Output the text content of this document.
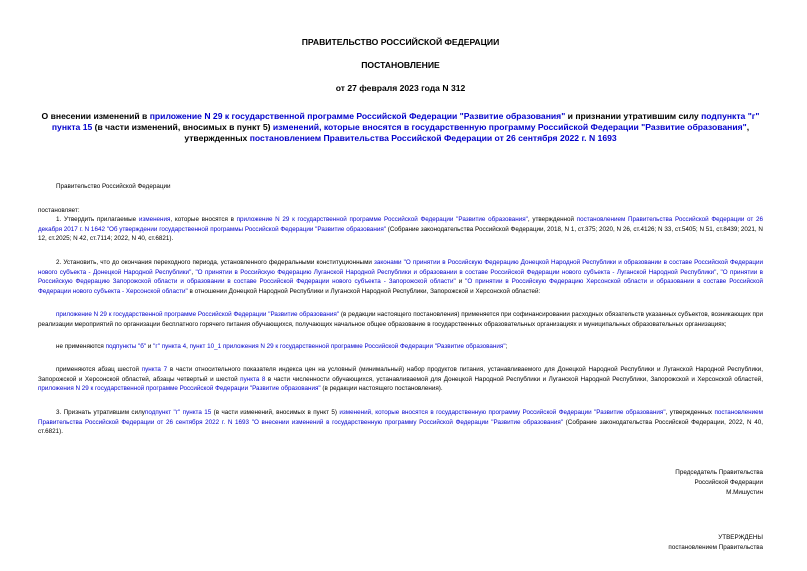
ПРАВИТЕЛЬСТВО РОССИЙСКОЙ ФЕДЕРАЦИИ
ПОСТАНОВЛЕНИЕ
от 27 февраля 2023 года N 312

О внесении изменений в приложение N 29 к государственной программе Российской Федерации "Развитие образования" и признании утратившим силу подпункта "г" пункта 15 (в части изменений, вносимых в пункт 5) изменений, которые вносятся в государственную программу Российской Федерации "Развитие образования", утвержденных постановлением Правительства Российской Федерации от 26 сентября 2022 г. N 1693

Правительство Российской Федерации

постановляет:

1. Утвердить прилагаемые изменения, которые вносятся в приложение N 29 к государственной программе Российской Федерации "Развитие образования", утвержденной постановлением Правительства Российской Федерации от 26 декабря 2017 г. N 1642 "Об утверждении государственной программы Российской Федерации "Развитие образования" (Собрание законодательства Российской Федерации, 2018, N 1, ст.375; 2020, N 26, ст.4126; N 33, ст.5405; N 51, ст.8439; 2021, N 12, ст.2025; N 42, ст.7114; 2022, N 40, ст.6821).

2. Установить, что до окончания переходного периода, установленного федеральными конституционными законами "О принятии в Российскую Федерацию Донецкой Народной Республики и образовании в составе Российской Федерации нового субъекта - Донецкой Народной Республики", "О принятии в Российскую Федерацию Луганской Народной Республики и образовании в составе Российской Федерации нового субъекта - Луганской Народной Республики", "О принятии в Российскую Федерацию Запорожской области и образовании в составе Российской Федерации нового субъекта - Запорожской области" и "О принятии в Российскую Федерацию Херсонской области и образовании в составе Российской Федерации нового субъекта - Херсонской области" в отношении Донецкой Народной Республики и Луганской Народной Республики, Запорожской и Херсонской областей:

приложение N 29 к государственной программе Российской Федерации "Развитие образования" (в редакции настоящего постановления) применяется при софинансировании расходных обязательств указанных субъектов, возникающих при реализации мероприятий по организации бесплатного горячего питания обучающихся, получающих начальное общее образование в государственных образовательных организациях и муниципальных образовательных организациях;

не применяются подпункты "б" и "г" пункта 4, пункт 10_1 приложения N 29 к государственной программе Российской Федерации "Развитие образования";

применяются абзац шестой пункта 7 в части относительного показателя индекса цен на условный (минимальный) набор продуктов питания, устанавливаемого для Донецкой Народной Республики и Луганской Народной Республики, Запорожской и Херсонской областей, абзацы четвертый и шестой пункта 8 в части численности обучающихся, устанавливаемой для Донецкой Народной Республики и Луганской Народной Республики, Запорожской и Херсонской областей, приложения N 29 к государственной программе Российской Федерации "Развитие образования" (в редакции настоящего постановления).

3. Признать утратившим силуподпункт "г" пункта 15 (в части изменений, вносимых в пункт 5) изменений, которые вносятся в государственную программу Российской Федерации "Развитие образования", утвержденных постановлением Правительства Российской Федерации от 26 сентября 2022 г. N 1693 "О внесении изменений в государственную программу Российской Федерации "Развитие образования" (Собрание законодательства Российской Федерации, 2022, N 40, ст.6821).

Председатель Правительства
Российской Федерации
М.Мишустин
УТВЕРЖДЕНЫ
постановлением Правительства
